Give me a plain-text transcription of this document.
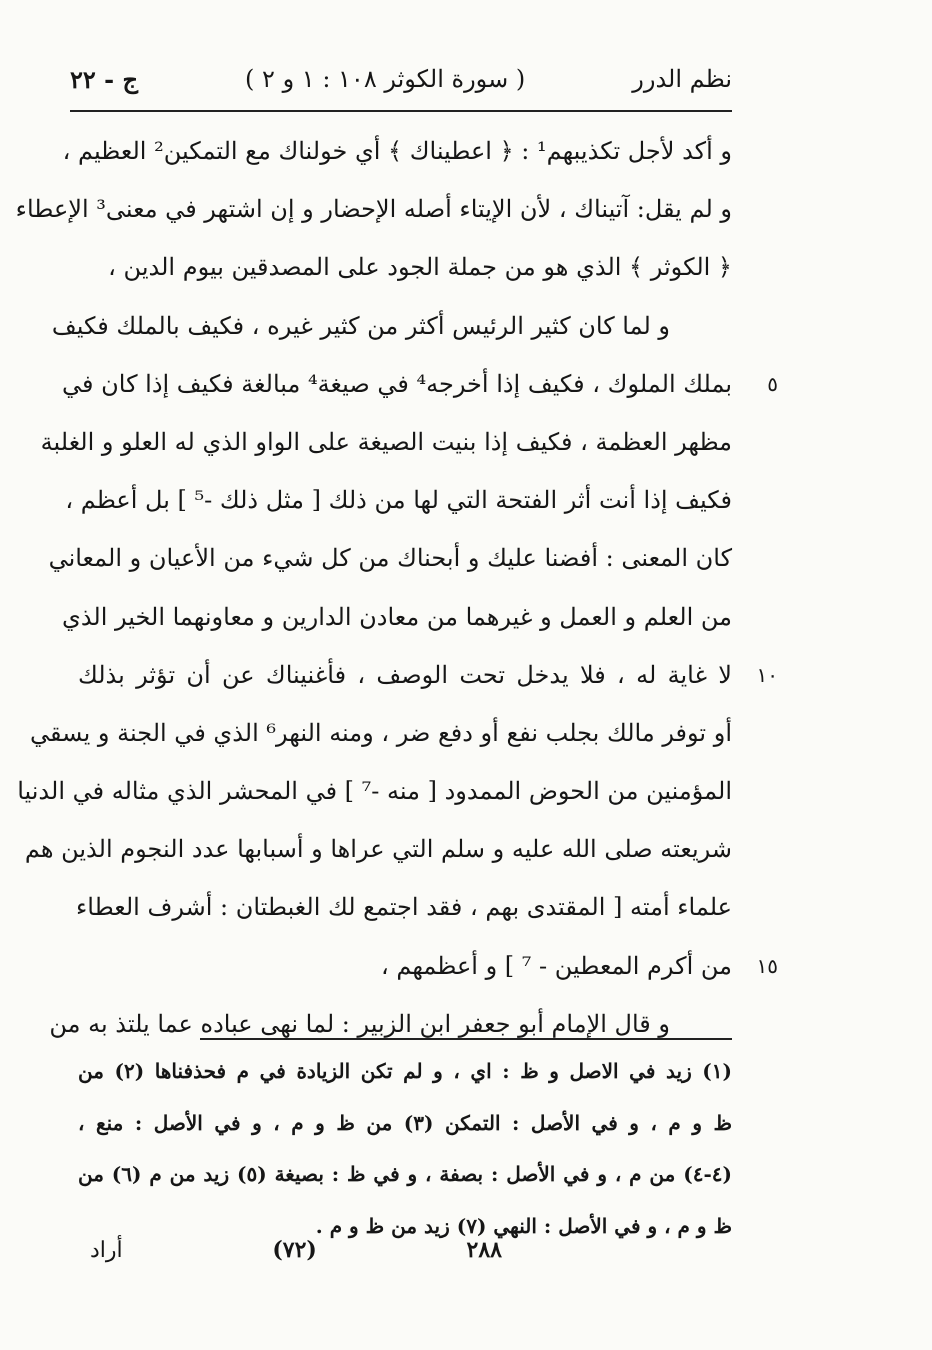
نظم الدرر
( سورة الكوثر ١٠٨ : ١ و ٢ )
ج - ٢٢
و أكد لأجل تكذيبهم¹ : ﴿ اعطيناك ﴾ أي خولناك مع التمكين² العظيم ،
و لم يقل: آتيناك ، لأن الإيتاء أصله الإحضار و إن اشتهر في معنى³ الإعطاء
﴿ الكوثر ﴾ الذي هو من جملة الجود على المصدقين بيوم الدين ،
و لما كان كثير الرئيس أكثر من كثير غيره ، فكيف بالملك فكيف
٥
بملك الملوك ، فكيف إذا أخرجه⁴ في صيغة⁴ مبالغة فكيف إذا كان في
مظهر العظمة ، فكيف إذا بنيت الصيغة على الواو الذي له العلو و الغلبة
فكيف إذا أنت أثر الفتحة التي لها من ذلك [ مثل ذلك -⁵ ] بل أعظم ،
كان المعنى : أفضنا عليك و أبحناك من كل شيء من الأعيان و المعاني
من العلم و العمل و غيرهما من معادن الدارين و معاونهما الخير الذي
١٠
لا غاية له ، فلا يدخل تحت الوصف ، فأغنيناك عن أن تؤثر بذلك
أو توفر مالك بجلب نفع أو دفع ضر ، ومنه النهر⁶ الذي في الجنة و يسقي
المؤمنين من الحوض الممدود [ منه -⁷ ] في المحشر الذي مثاله في الدنيا
شريعته صلى الله عليه و سلم التي عراها و أسبابها عدد النجوم الذين هم
علماء أمته [ المقتدى بهم ، فقد اجتمع لك الغبطتان : أشرف العطاء
١٥
من أكرم المعطين - ⁷ ] و أعظمهم ،
و قال الإمام أبو جعفر ابن الزبير : لما نهى عباده عما يلتذ به من
(١) زيد في الاصل و ظ : اي ، و لم تكن الزيادة في م فحذفناها (٢) من
ظ و م ، و في الأصل : التمكن (٣) من ظ و م ، و في الأصل : منع ،
(٤-٤) من م ، و في الأصل : بصفة ، و في ظ : بصيغة (٥) زيد من م (٦) من
ظ و م ، و في الأصل : النهي (٧) زيد من ظ و م .
٢٨٨
(٧٢)
أراد
